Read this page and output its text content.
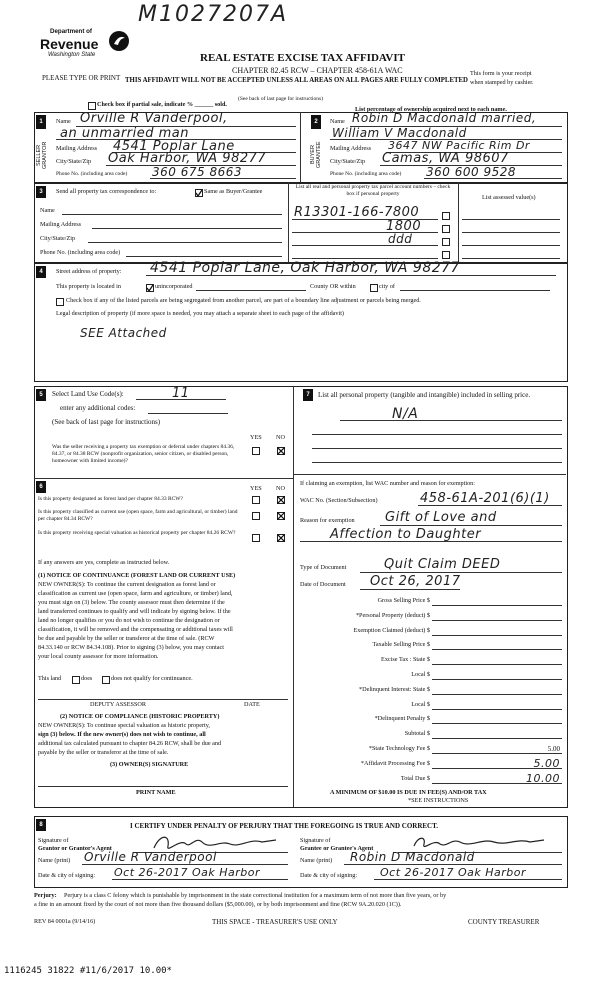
M1027207A
Department of
Revenue
Washington State
PLEASE TYPE OR PRINT
REAL ESTATE EXCISE TAX AFFIDAVIT
CHAPTER 82.45 RCW – CHAPTER 458-61A WAC
THIS AFFIDAVIT WILL NOT BE ACCEPTED UNLESS ALL AREAS ON ALL PAGES ARE FULLY COMPLETED
(See back of last page for instructions)
This form is your receipt
when stamped by cashier.
Check box if partial sale, indicate % ______ sold.
List percentage of ownership acquired next to each name.
1
SELLER GRANTOR
Name Orville R Vanderpool,
an unmarried man
Mailing Address 4541 Poplar Lane
City/State/Zip Oak Harbor, WA 98277
Phone No. (including area code) 360 675 8663
2
BUYER GRANTEE
Name Robin D Macdonald married,
William V Macdonald
Mailing Address 3647 NW Pacific Rim Dr
City/State/Zip Camas, WA 98607
Phone No. (including area code) 360 600 9528
3	Send all property tax correspondence to:	Same as Buyer/Grantee
Name
Mailing Address
City/State/Zip
Phone No. (including area code)
List all real and personal property tax parcel account numbers – check box if personal property	List assessed value(s)
R13301-166-7800
1800
ddd
4	Street address of property: 4541 Poplar Lane, Oak Harbor, WA 98277
This property is located in	unincorporated	County OR within	city of
Check box if any of the listed parcels are being segregated from another parcel, are part of a boundary line adjustment or parcels being merged.
Legal description of property (if more space is needed, you may attach a separate sheet to each page of the affidavit)
SEE Attached
5	Select Land Use Code(s):	11
enter any additional codes:
(See back of last page for instructions)
YES NO
Was the seller receiving a property tax exemption or deferral under chapters 84.36, 84.37, or 84.38 RCW (nonprofit organization, senior citizen, or disabled person, homeowner with limited income)?
7	List all personal property (tangible and intangible) included in selling price.
N/A
6	YES NO
Is this property designated as forest land per chapter 84.33 RCW?
Is this property classified as current use (open space, farm and agricultural, or timber) land per chapter 84.34 RCW?
Is this property receiving special valuation as historical property per chapter 84.26 RCW?
If any answers are yes, complete as instructed below.
(1) NOTICE OF CONTINUANCE (FOREST LAND OR CURRENT USE)
NEW OWNER(S): To continue the current designation as forest land or
classification as current use (open space, farm and agriculture, or timber) land,
you must sign on (3) below. The county assessor must then determine if the
land transferred continues to qualify and will indicate by signing below. If the
land no longer qualifies or you do not wish to continue the designation or
classification, it will be removed and the compensating or additional taxes will
be due and payable by the seller or transferor at the time of sale. (RCW
84.33.140 or RCW 84.34.108). Prior to signing (3) below, you may contact
your local county assessor for more information.
This land	does	does not qualify for continuance.
DEPUTY ASSESSOR	DATE
(2) NOTICE OF COMPLIANCE (HISTORIC PROPERTY)
NEW OWNER(S): To continue special valuation as historic property,
sign (3) below. If the new owner(s) does not wish to continue, all
additional tax calculated pursuant to chapter 84.26 RCW, shall be due and
payable by the seller or transferor at the time of sale.
(3) OWNER(S) SIGNATURE
PRINT NAME
If claiming an exemption, list WAC number and reason for exemption:
WAC No. (Section/Subsection)	458-61A-201(6)(1)
Reason for exemption Gift of Love and
Affection to Daughter
Type of Document	Quit Claim DEED
Date of Document Oct 26, 2017
Gross Selling Price $
*Personal Property (deduct) $
Exemption Claimed (deduct) $
Taxable Selling Price $
Excise Tax : State $
Local $
*Delinquent Interest: State $
Local $
*Delinquent Penalty $
Subtotal $
*State Technology Fee $	5.00
*Affidavit Processing Fee $	5.00
Total Due $	10.00
A MINIMUM OF $10.00 IS DUE IN FEE(S) AND/OR TAX
*SEE INSTRUCTIONS
8	I CERTIFY UNDER PENALTY OF PERJURY THAT THE FOREGOING IS TRUE AND CORRECT.
Signature of
Grantor or Grantor's Agent
Name (print) Orville R Vanderpool
Date & city of signing: Oct 26-2017 Oak Harbor
Signature of
Grantee or Grantee's Agent
Name (print) Robin D Macdonald
Date & city of signing: Oct 26-2017 Oak Harbor
Perjury: Perjury is a class C felony which is punishable by imprisonment in the state correctional institution for a maximum term of not more than five years, or by
a fine in an amount fixed by the court of not more than five thousand dollars ($5,000.00), or by both imprisonment and fine (RCW 9A.20.020 (1C)).
REV 84 0001a (9/14/16)	THIS SPACE - TREASURER'S USE ONLY	COUNTY TREASURER
1116245 31822 #11/6/2017 10.00*
